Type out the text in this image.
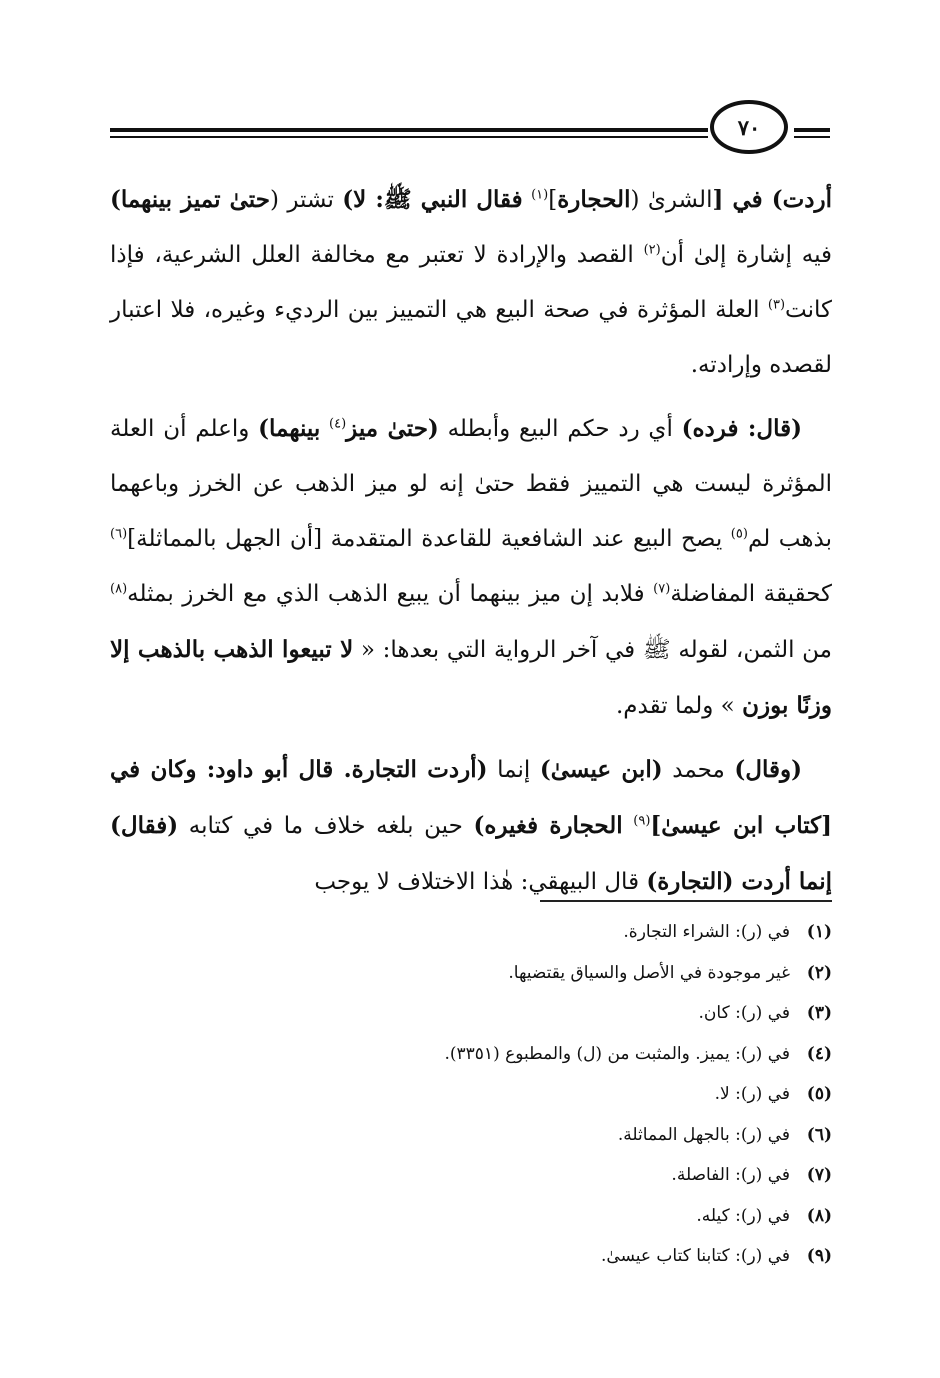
٧٠

أردت) في [الشرىٰ (الحجارة]$^{(١)}$ فقال النبي ﷺ: لا) تشتر (حتىٰ تميز بينهما) فيه إشارة إلىٰ أن$^{(٢)}$ القصد والإرادة لا تعتبر مع مخالفة العلل الشرعية، فإذا كانت$^{(٣)}$ العلة المؤثرة في صحة البيع هي التمييز بين الرديء وغيره، فلا اعتبار لقصده وإرادته.

(قال: فرده) أي رد حكم البيع وأبطله (حتىٰ ميز$^{(٤)}$ بينهما) واعلم أن العلة المؤثرة ليست هي التمييز فقط حتىٰ إنه لو ميز الذهب عن الخرز وباعهما بذهب لم$^{(٥)}$ يصح البيع عند الشافعية للقاعدة المتقدمة [أن الجهل بالمماثلة]$^{(٦)}$ كحقيقة المفاضلة$^{(٧)}$ فلابد إن ميز بينهما أن يبيع الذهب الذي مع الخرز بمثله$^{(٨)}$ من الثمن، لقوله ﷺ في آخر الرواية التي بعدها: « لا تبيعوا الذهب بالذهب إلا وزنًا بوزن » ولما تقدم.

(وقال) محمد (ابن عيسىٰ) إنما (أردت التجارة. قال أبو داود: وكان في [كتاب ابن عيسىٰ]$^{(٩)}$ الحجارة فغيره) حين بلغه خلاف ما في كتابه (فقال) إنما أردت (التجارة) قال البيهقي: هٰذا الاختلاف لا يوجب

(١)في (ر): الشراء التجارة.
(٢)غير موجودة في الأصل والسياق يقتضيها.
(٣)في (ر): كان.
(٤)في (ر): يميز. والمثبت من (ل) والمطبوع (٣٣٥١).
(٥)في (ر): لا.
(٦)في (ر): بالجهل المماثلة.
(٧)في (ر): الفاصلة.
(٨)في (ر): كيله.
(٩)في (ر): كتابنا كتاب عيسىٰ.
